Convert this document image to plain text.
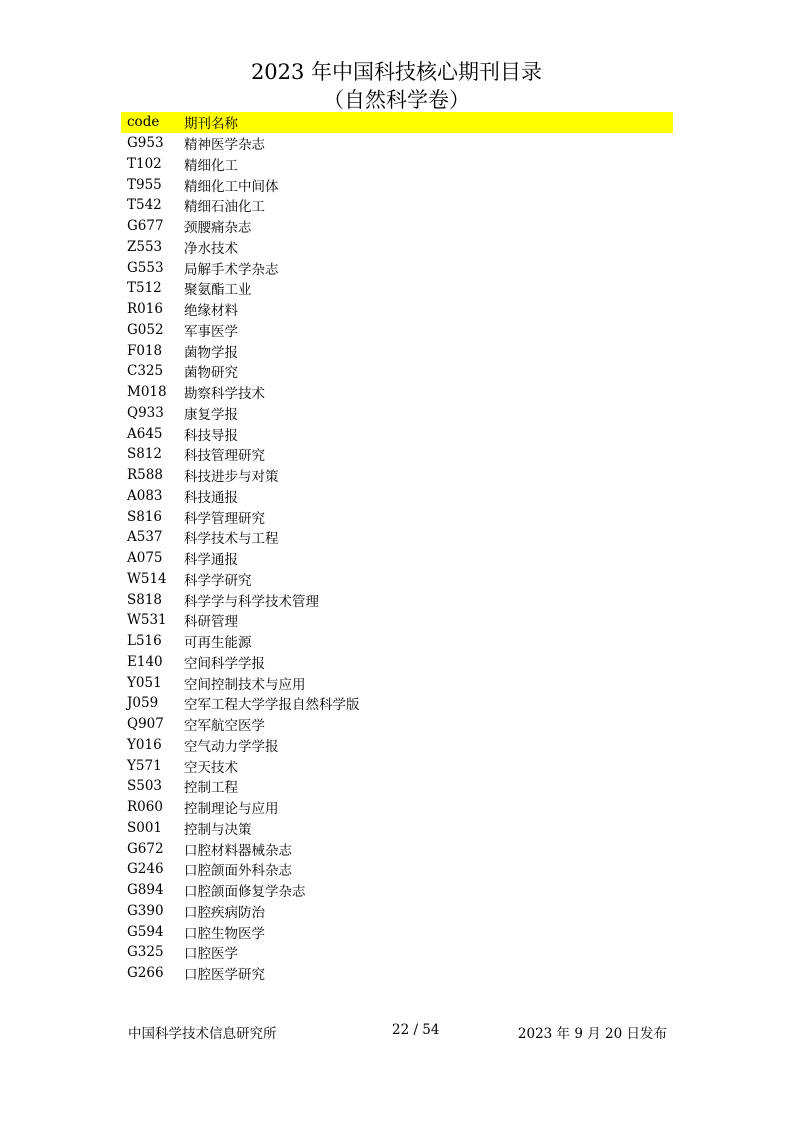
2023 年中国科技核心期刊目录
（自然科学卷）
code	期刊名称
G953	精神医学杂志
T102	精细化工
T955	精细化工中间体
T542	精细石油化工
G677	颈腰痛杂志
Z553	净水技术
G553	局解手术学杂志
T512	聚氨酯工业
R016	绝缘材料
G052	军事医学
F018	菌物学报
C325	菌物研究
M018	勘察科学技术
Q933	康复学报
A645	科技导报
S812	科技管理研究
R588	科技进步与对策
A083	科技通报
S816	科学管理研究
A537	科学技术与工程
A075	科学通报
W514	科学学研究
S818	科学学与科学技术管理
W531	科研管理
L516	可再生能源
E140	空间科学学报
Y051	空间控制技术与应用
J059	空军工程大学学报自然科学版
Q907	空军航空医学
Y016	空气动力学学报
Y571	空天技术
S503	控制工程
R060	控制理论与应用
S001	控制与决策
G672	口腔材料器械杂志
G246	口腔颌面外科杂志
G894	口腔颌面修复学杂志
G390	口腔疾病防治
G594	口腔生物医学
G325	口腔医学
G266	口腔医学研究
中国科学技术信息研究所	22 / 54	2023 年 9 月 20 日发布
